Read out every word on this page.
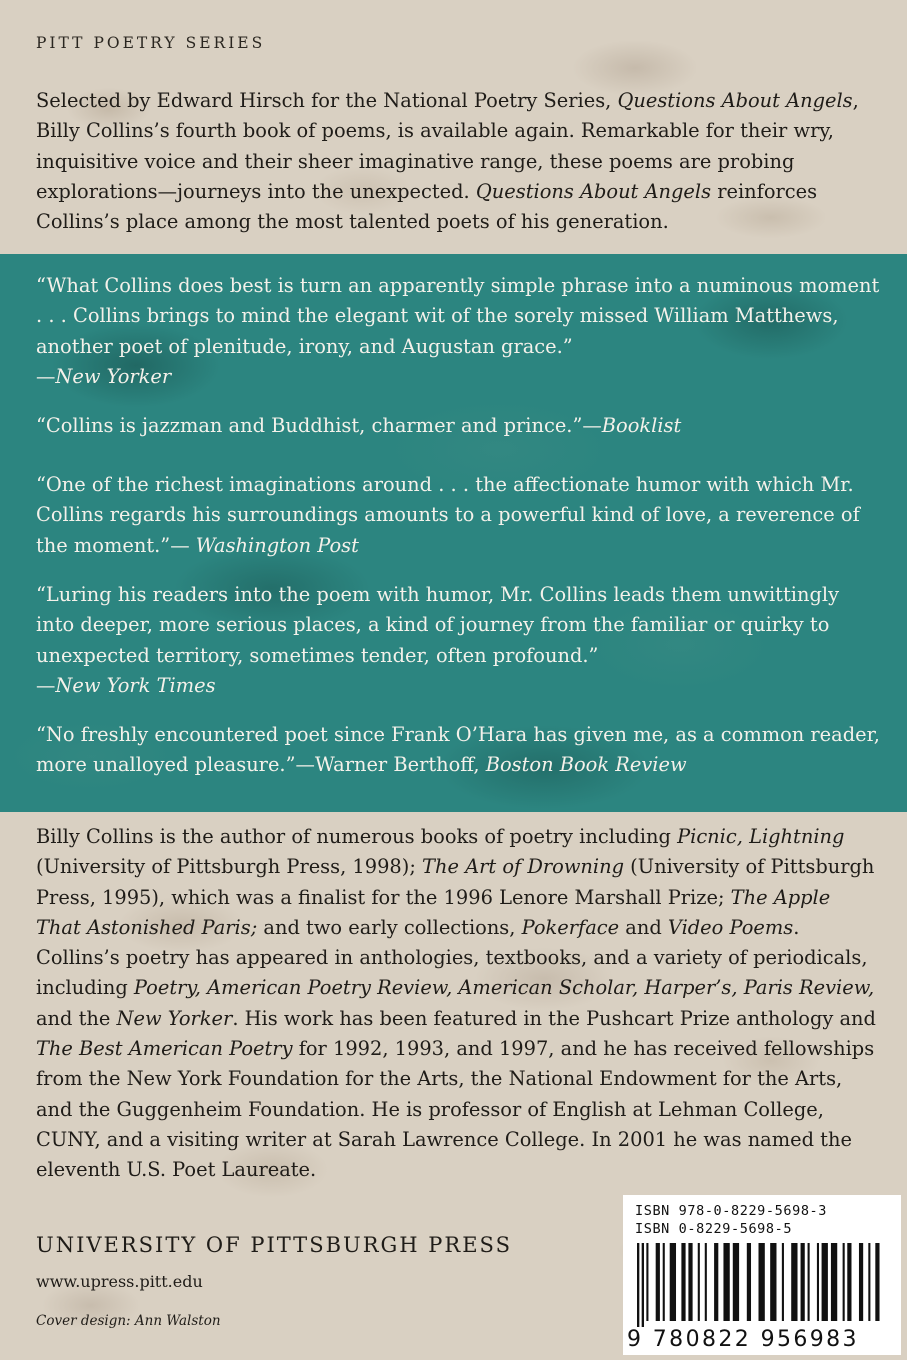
PITT POETRY SERIES

Selected by Edward Hirsch for the National Poetry Series, Questions About Angels, Billy Collins’s fourth book of poems, is available again. Remarkable for their wry, inquisitive voice and their sheer imaginative range, these poems are probing explorations—journeys into the unexpected. Questions About Angels reinforces Collins’s place among the most talented poets of his generation.

“What Collins does best is turn an apparently simple phrase into a numinous moment . . . Collins brings to mind the elegant wit of the sorely missed William Matthews, another poet of plenitude, irony, and Augustan grace.”
—New Yorker

“Collins is jazzman and Buddhist, charmer and prince.”—Booklist

“One of the richest imaginations around . . . the affectionate humor with which Mr. Collins regards his surroundings amounts to a powerful kind of love, a reverence of the moment.”— Washington Post

“Luring his readers into the poem with humor, Mr. Collins leads them unwittingly into deeper, more serious places, a kind of journey from the familiar or quirky to unexpected territory, sometimes tender, often profound.”
—New York Times

“No freshly encountered poet since Frank O’Hara has given me, as a common reader, more unalloyed pleasure.”—Warner Berthoff, Boston Book Review

Billy Collins is the author of numerous books of poetry including Picnic, Lightning (University of Pittsburgh Press, 1998); The Art of Drowning (University of Pittsburgh Press, 1995), which was a finalist for the 1996 Lenore Marshall Prize; The Apple That Astonished Paris; and two early collections, Pokerface and Video Poems. Collins’s poetry has appeared in anthologies, textbooks, and a variety of periodicals, including Poetry, American Poetry Review, American Scholar, Harper’s, Paris Review, and the New Yorker. His work has been featured in the Pushcart Prize anthology and The Best American Poetry for 1992, 1993, and 1997, and he has received fellowships from the New York Foundation for the Arts, the National Endowment for the Arts, and the Guggenheim Foundation. He is professor of English at Lehman College, CUNY, and a visiting writer at Sarah Lawrence College. In 2001 he was named the eleventh U.S. Poet Laureate.

UNIVERSITY OF PITTSBURGH PRESS
www.upress.pitt.edu
Cover design: Ann Walston
ISBN 978-0-8229-5698-3
ISBN 0-8229-5698-5
9 780822 956983
